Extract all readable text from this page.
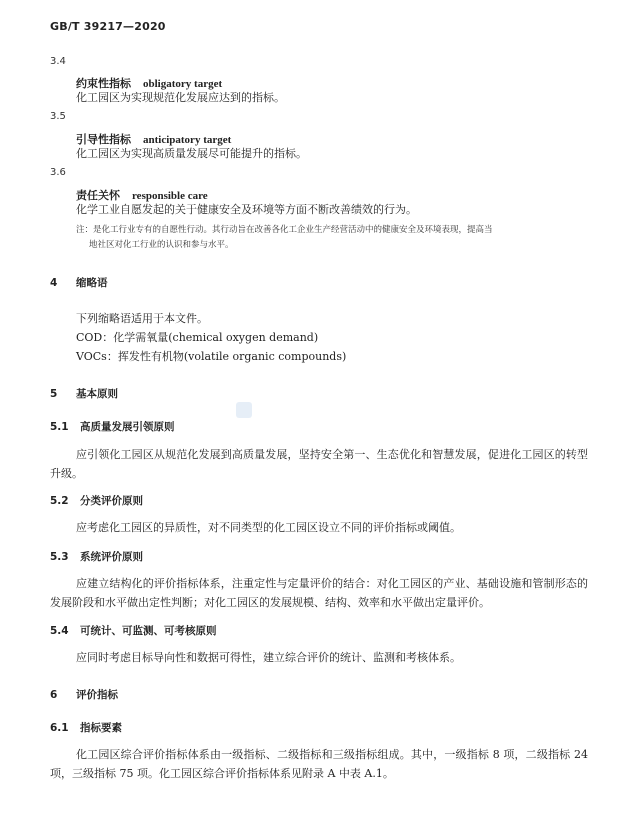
GB/T 39217—2020
3.4
约束性指标 obligatory target
化工园区为实现规范化发展应达到的指标。
3.5
引导性指标 anticipatory target
化工园区为实现高质量发展尽可能提升的指标。
3.6
责任关怀 responsible care
化学工业自愿发起的关于健康安全及环境等方面不断改善绩效的行为。
注：是化工行业专有的自愿性行动。其行动旨在改善各化工企业生产经营活动中的健康安全及环境表现，提高当
地社区对化工行业的认识和参与水平。
4 缩略语
下列缩略语适用于本文件。
COD：化学需氧量(chemical oxygen demand)
VOCs：挥发性有机物(volatile organic compounds)
5 基本原则
5.1 高质量发展引领原则
应引领化工园区从规范化发展到高质量发展，坚持安全第一、生态优化和智慧发展，促进化工园区的转型升级。
5.2 分类评价原则
应考虑化工园区的异质性，对不同类型的化工园区设立不同的评价指标或阈值。
5.3 系统评价原则
应建立结构化的评价指标体系，注重定性与定量评价的结合：对化工园区的产业、基础设施和管制形态的发展阶段和水平做出定性判断；对化工园区的发展规模、结构、效率和水平做出定量评价。
5.4 可统计、可监测、可考核原则
应同时考虑目标导向性和数据可得性，建立综合评价的统计、监测和考核体系。
6 评价指标
6.1 指标要素
化工园区综合评价指标体系由一级指标、二级指标和三级指标组成。其中，一级指标 8 项，二级指标 24 项，三级指标 75 项。化工园区综合评价指标体系见附录 A 中表 A.1。
